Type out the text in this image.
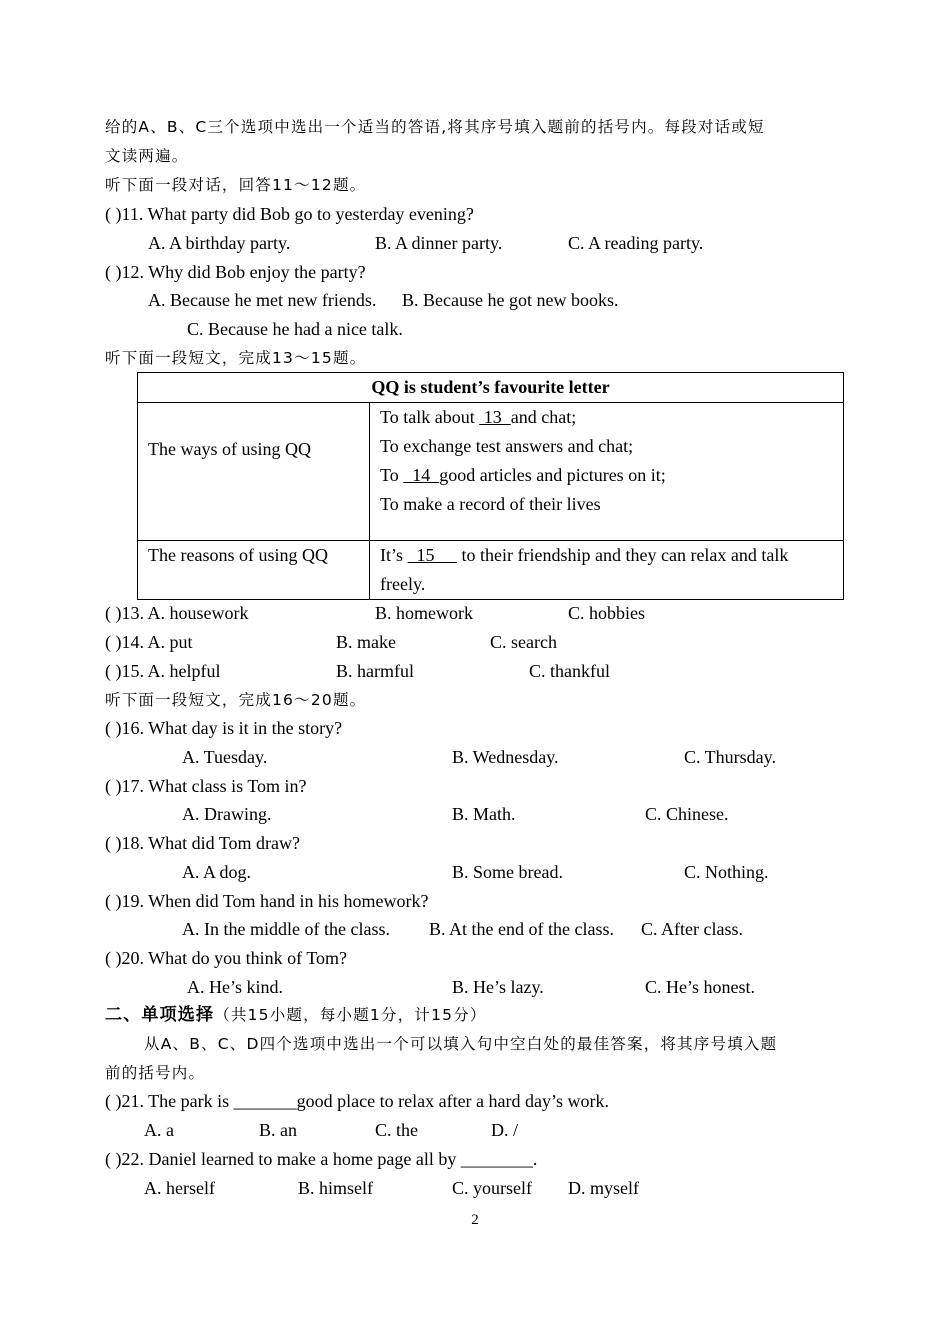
给的A、B、C三个选项中选出一个适当的答语,将其序号填入题前的括号内。每段对话或短
文读两遍。
听下面一段对话，回答11～12题。
( )11. What party did Bob go to yesterday evening?
A. A birthday party.	B. A dinner party.	C. A reading party.
( )12. Why did Bob enjoy the party?
A. Because he met new friends. B. Because he got new books.
C. Because he had a nice talk.
听下面一段短文，完成13～15题。
QQ is student’s favourite letter	
The ways of using QQ	To talk about  13  and chat;
To exchange test answers and chat;
To   14  good articles and pictures on it;
To make a record of their lives

The reasons of using QQ	It’s   15      to their friendship and they can relax and talk freely.
( )13. A. housework	B. homework	C. hobbies
( )14. A. put	B. make	C. search
( )15. A. helpful	B. harmful	C. thankful
听下面一段短文，完成16～20题。
( )16. What day is it in the story?
A. Tuesday.	B. Wednesday.	C. Thursday.
( )17. What class is Tom in?
A. Drawing.	B. Math.	C. Chinese.
( )18. What did Tom draw?
A. A dog.	B. Some bread.	C. Nothing.
( )19. When did Tom hand in his homework?
A. In the middle of the class. B. At the end of the class. C. After class.
( )20. What do you think of Tom?
A. He’s kind.	B. He’s lazy.	C. He’s honest.
二、单项选择（共15小题，每小题1分，计15分）
从A、B、C、D四个选项中选出一个可以填入句中空白处的最佳答案，将其序号填入题
前的括号内。
( )21. The park is _______good place to relax after a hard day’s work.
A. a	B. an	C. the	D. /
( )22. Daniel learned to make a home page all by ________.
A. herself	B. himself	C. yourself D. myself
2
